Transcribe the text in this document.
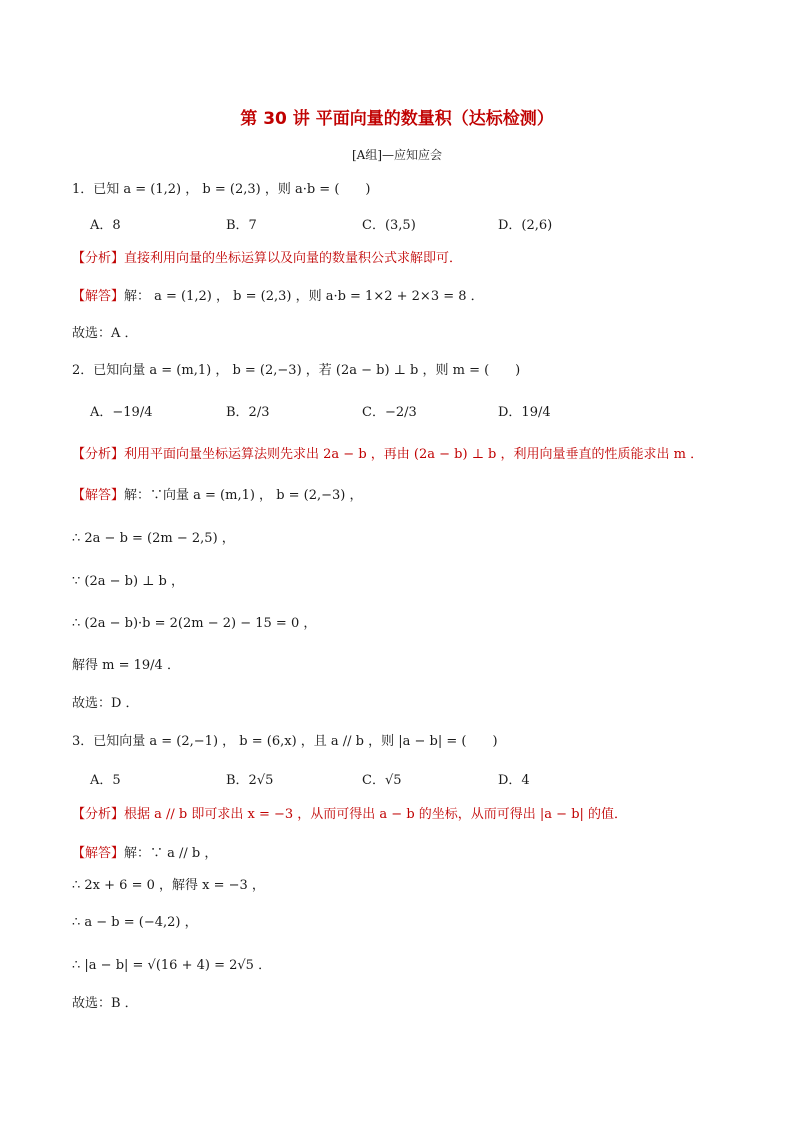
第 30 讲 平面向量的数量积（达标检测）
[A组]—应知应会
1．已知 a = (1,2) ， b = (2,3) ，则 a·b = (　　)
A．8	B．7	C．(3,5)	D．(2,6)
【分析】直接利用向量的坐标运算以及向量的数量积公式求解即可．
【解答】解： a = (1,2) ， b = (2,3) ，则 a·b = 1×2 + 2×3 = 8 ．
故选：A ．
2．已知向量 a = (m,1) ， b = (2,−3) ，若 (2a − b) ⊥ b ，则 m = (　　)
A．−19/4	B．2/3	C．−2/3	D．19/4
【分析】利用平面向量坐标运算法则先求出 2a − b ，再由 (2a − b) ⊥ b ，利用向量垂直的性质能求出 m ．
【解答】解：∵向量 a = (m,1) ， b = (2,−3) ，
∴ 2a − b = (2m − 2,5) ，
∵ (2a − b) ⊥ b ，
∴ (2a − b)·b = 2(2m − 2) − 15 = 0 ，
解得 m = 19/4 ．
故选：D ．
3．已知向量 a = (2,−1) ， b = (6,x) ，且 a // b ，则 |a − b| = (　　)
A．5	B．2√5	C．√5	D．4
【分析】根据 a // b 即可求出 x = −3 ，从而可得出 a − b 的坐标，从而可得出 |a − b| 的值．
【解答】解：∵ a // b ，
∴ 2x + 6 = 0 ，解得 x = −3 ，
∴ a − b = (−4,2) ，
∴ |a − b| = √(16 + 4) = 2√5 ．
故选：B ．
